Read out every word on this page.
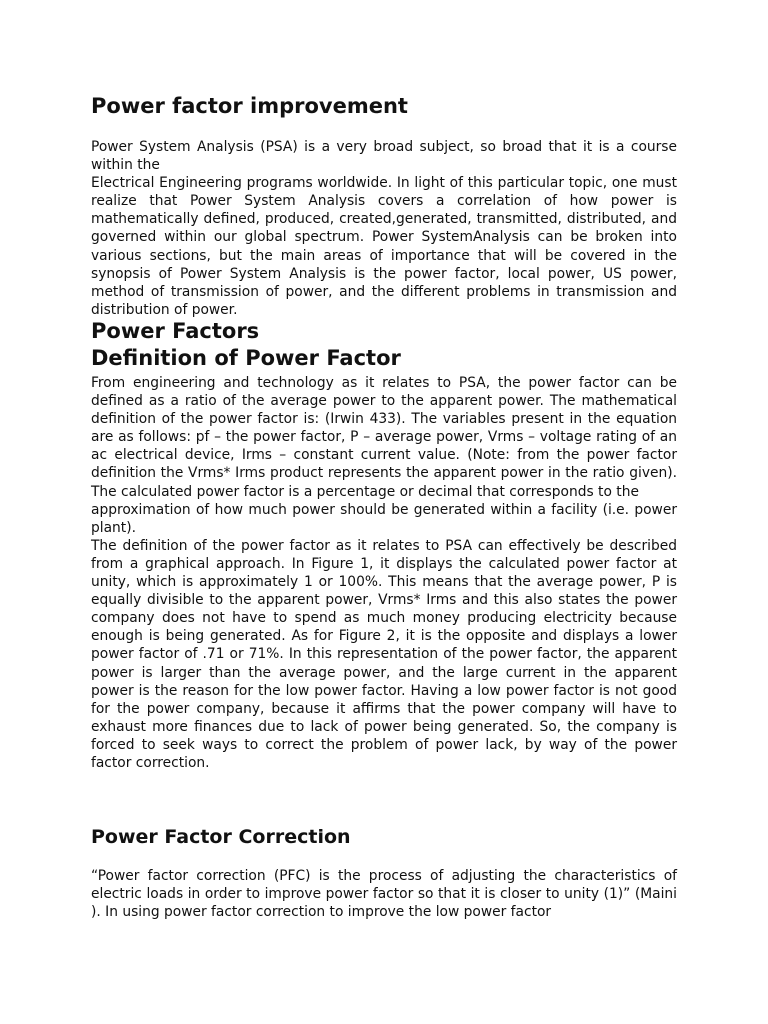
Power factor improvement

Power System Analysis (PSA) is a very broad subject, so broad that it is a course within the

Electrical Engineering programs worldwide. In light of this particular topic, one must realize that Power System Analysis covers a correlation of how power is mathematically defined, produced, created,generated, transmitted, distributed, and governed within our global spectrum. Power SystemAnalysis can be broken into various sections, but the main areas of importance that will be covered in the synopsis of Power System Analysis is the power factor, local power, US power, method of transmission of power, and the different problems in transmission and distribution of power.

Power Factors
Definition of Power Factor

From engineering and technology as it relates to PSA, the power factor can be defined as a ratio of the average power to the apparent power. The mathematical definition of the power factor is: (Irwin 433). The variables present in the equation are as follows: pf – the power factor, P – average power, Vrms – voltage rating of an ac electrical device, Irms – constant current value. (Note: from the power factor definition the Vrms* Irms product represents the apparent power in the ratio given). The calculated power factor is a percentage or decimal that corresponds to the

approximation of how much power should be generated within a facility (i.e. power plant).

The definition of the power factor as it relates to PSA can effectively be described from a graphical approach. In Figure 1, it displays the calculated power factor at unity, which is approximately 1 or 100%. This means that the average power, P is equally divisible to the apparent power, Vrms* Irms and this also states the power company does not have to spend as much money producing electricity because enough is being generated. As for Figure 2, it is the opposite and displays a lower power factor of .71 or 71%. In this representation of the power factor, the apparent power is larger than the average power, and the large current in the apparent power is the reason for the low power factor. Having a low power factor is not good for the power company, because it affirms that the power company will have to exhaust more finances due to lack of power being generated. So, the company is forced to seek ways to correct the problem of power lack, by way of the power factor correction.

Power Factor Correction

“Power factor correction (PFC) is the process of adjusting the characteristics of electric loads in order to improve power factor so that it is closer to unity (1)” (Maini ). In using power factor correction to improve the low power factor
